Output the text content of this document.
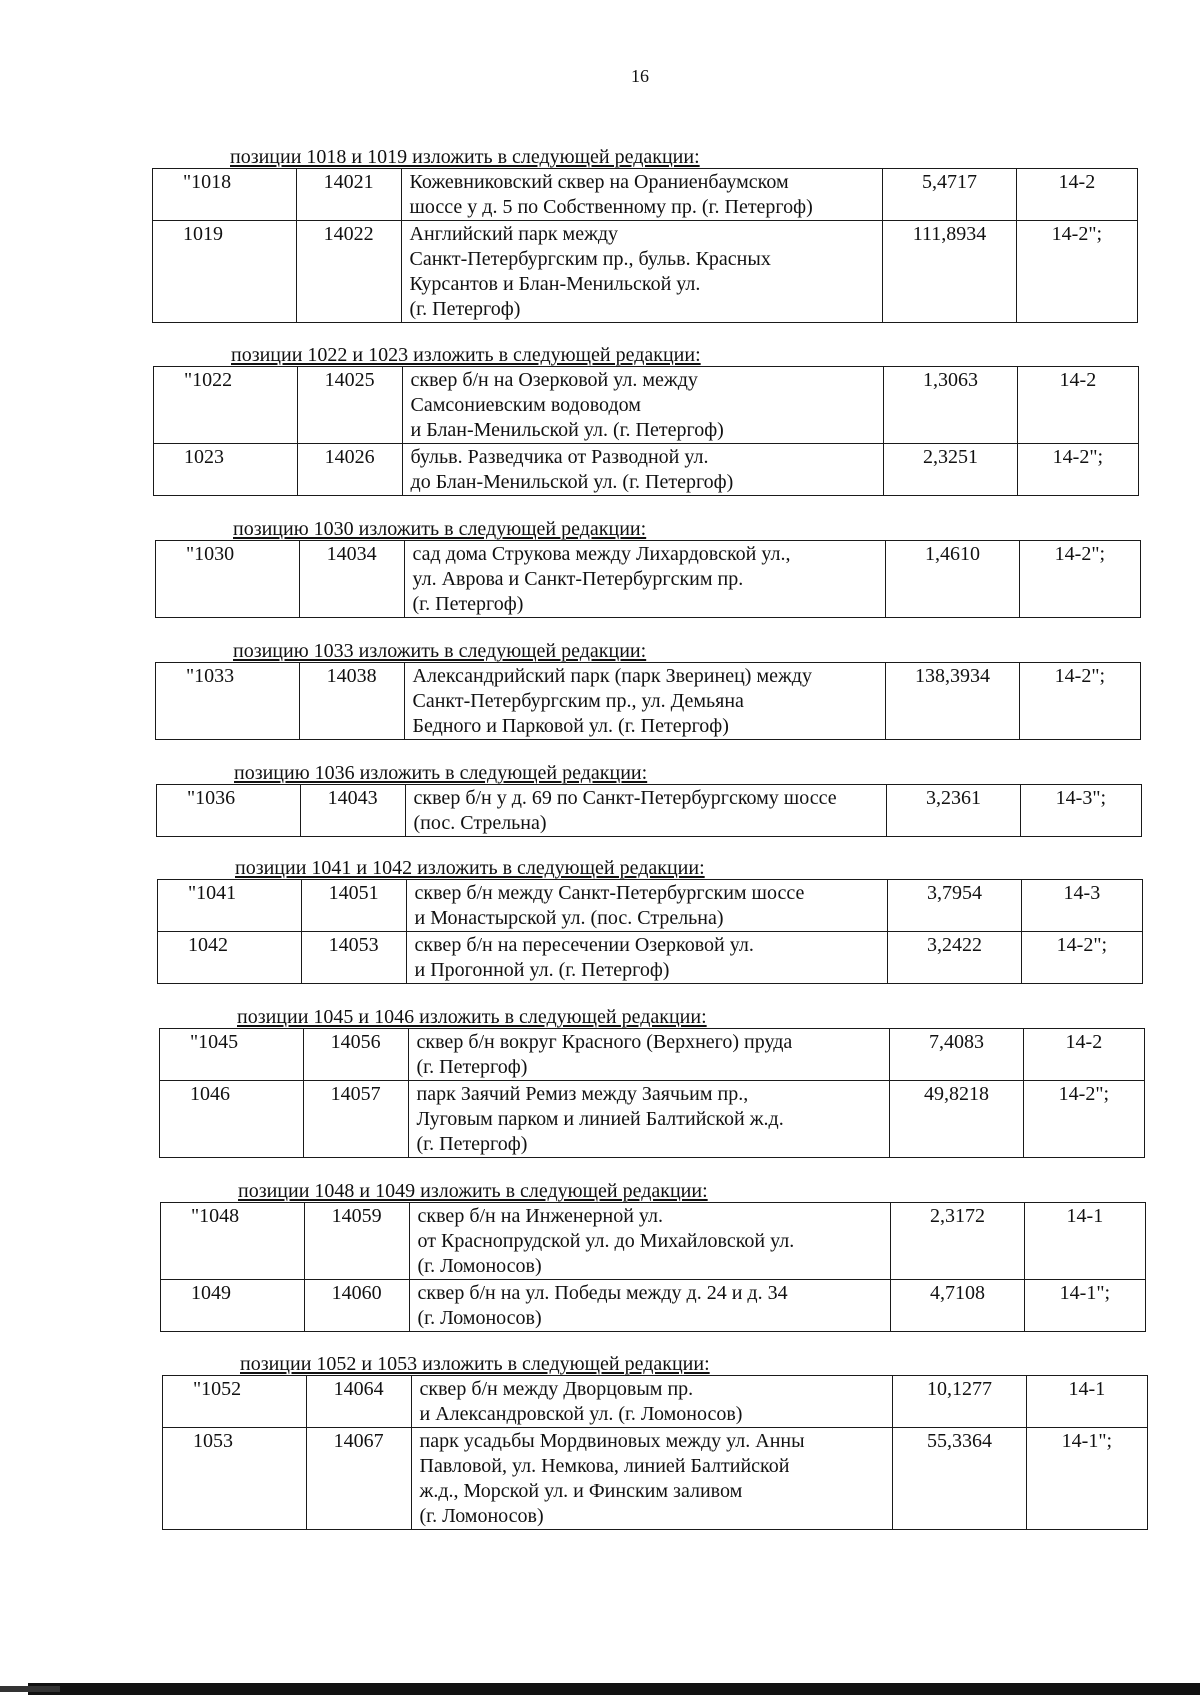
16
позиции 1018 и 1019 изложить в следующей редакции:
"1018	14021	Кожевниковский сквер на Ораниенбаумском
шоссе у д. 5 по Собственному пр. (г. Петергоф)	5,4717	14-2
1019	14022	Английский парк между
Санкт-Петербургским пр., бульв. Красных
Курсантов и Блан-Менильской ул.
(г. Петергоф)	111,8934	14-2";
позиции 1022 и 1023 изложить в следующей редакции:
"1022	14025	сквер б/н на Озерковой ул. между
Самсониевским водоводом
и Блан-Менильской ул. (г. Петергоф)	1,3063	14-2
1023	14026	бульв. Разведчика от Разводной ул.
до Блан-Менильской ул. (г. Петергоф)	2,3251	14-2";
позицию 1030 изложить в следующей редакции:
"1030	14034	сад дома Струкова между Лихардовской ул.,
ул. Аврова и Санкт-Петербургским пр.
(г. Петергоф)
	1,4610	14-2";
позицию 1033 изложить в следующей редакции:
"1033	14038	Александрийский парк (парк Зверинец) между
Санкт-Петербургским пр., ул. Демьяна
Бедного и Парковой ул. (г. Петергоф)
	138,3934	14-2";
позицию 1036 изложить в следующей редакции:
"1036	14043	сквер б/н у д. 69 по Санкт-Петербургскому шоссе
(пос. Стрельна)
	3,2361	14-3";
позиции 1041 и 1042 изложить в следующей редакции:
"1041	14051	сквер б/н между Санкт-Петербургским шоссе
и Монастырской ул. (пос. Стрельна)	3,7954	14-3
1042	14053	сквер б/н на пересечении Озерковой ул.
и Прогонной ул. (г. Петергоф)	3,2422	14-2";
позиции 1045 и 1046 изложить в следующей редакции:
"1045	14056	сквер б/н вокруг Красного (Верхнего) пруда
(г. Петергоф)	7,4083	14-2
1046	14057	парк Заячий Ремиз между Заячьим пр.,
Луговым парком и линией Балтийской ж.д.
(г. Петергоф)	49,8218	14-2";
позиции 1048 и 1049 изложить в следующей редакции:
"1048	14059	сквер б/н на Инженерной ул.
от Краснопрудской ул. до Михайловской ул.
(г. Ломоносов)	2,3172	14-1
1049	14060	сквер б/н на ул. Победы между д. 24 и д. 34
(г. Ломоносов)	4,7108	14-1";
позиции 1052 и 1053 изложить в следующей редакции:
"1052	14064	сквер б/н между Дворцовым пр.
и Александровской ул. (г. Ломоносов)	10,1277	14-1
1053	14067	парк усадьбы Мордвиновых между ул. Анны
Павловой, ул. Немкова, линией Балтийской
ж.д., Морской ул. и Финским заливом
(г. Ломоносов)	55,3364	14-1";
